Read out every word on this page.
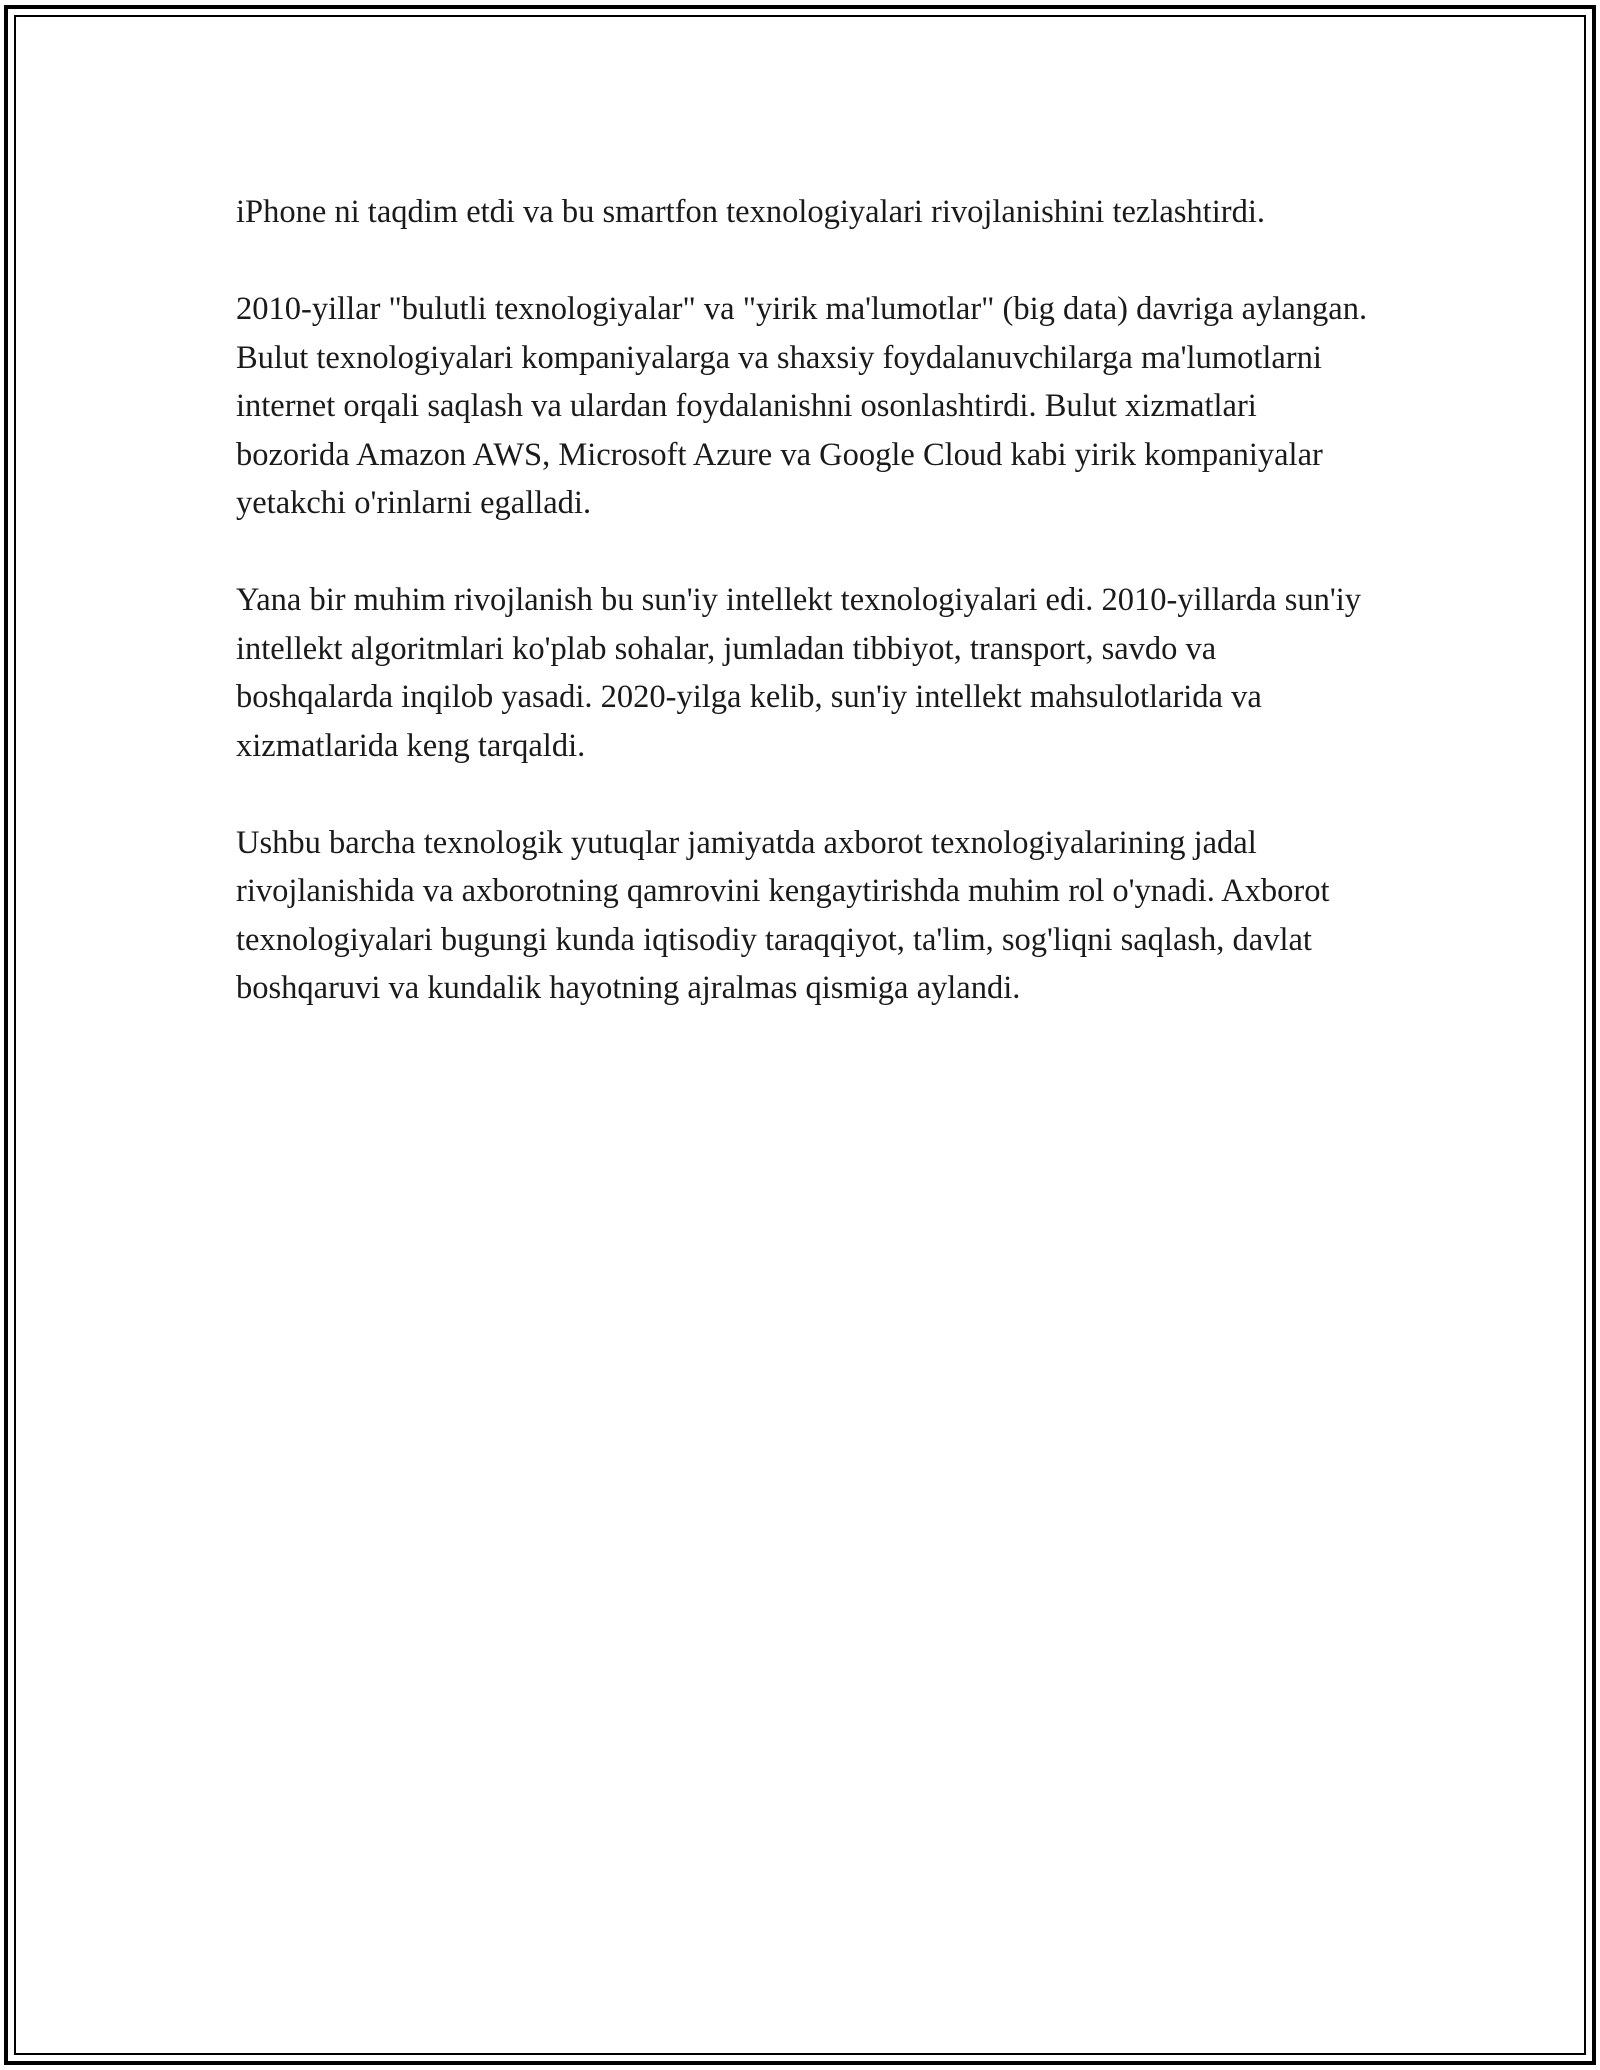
iPhone ni taqdim etdi va bu smartfon texnologiyalari rivojlanishini tezlashtirdi.

2010-yillar "bulutli texnologiyalar" va "yirik ma'lumotlar" (big data) davriga aylangan. Bulut texnologiyalari kompaniyalarga va shaxsiy foydalanuvchilarga ma'lumotlarni internet orqali saqlash va ulardan foydalanishni osonlashtirdi. Bulut xizmatlari bozorida Amazon AWS, Microsoft Azure va Google Cloud kabi yirik kompaniyalar yetakchi o'rinlarni egalladi.

Yana bir muhim rivojlanish bu sun'iy intellekt texnologiyalari edi. 2010-yillarda sun'iy intellekt algoritmlari ko'plab sohalar, jumladan tibbiyot, transport, savdo va boshqalarda inqilob yasadi. 2020-yilga kelib, sun'iy intellekt mahsulotlarida va xizmatlarida keng tarqaldi.

Ushbu barcha texnologik yutuqlar jamiyatda axborot texnologiyalarining jadal rivojlanishida va axborotning qamrovini kengaytirishda muhim rol o'ynadi. Axborot texnologiyalari bugungi kunda iqtisodiy taraqqiyot, ta'lim, sog'liqni saqlash, davlat boshqaruvi va kundalik hayotning ajralmas qismiga aylandi.
